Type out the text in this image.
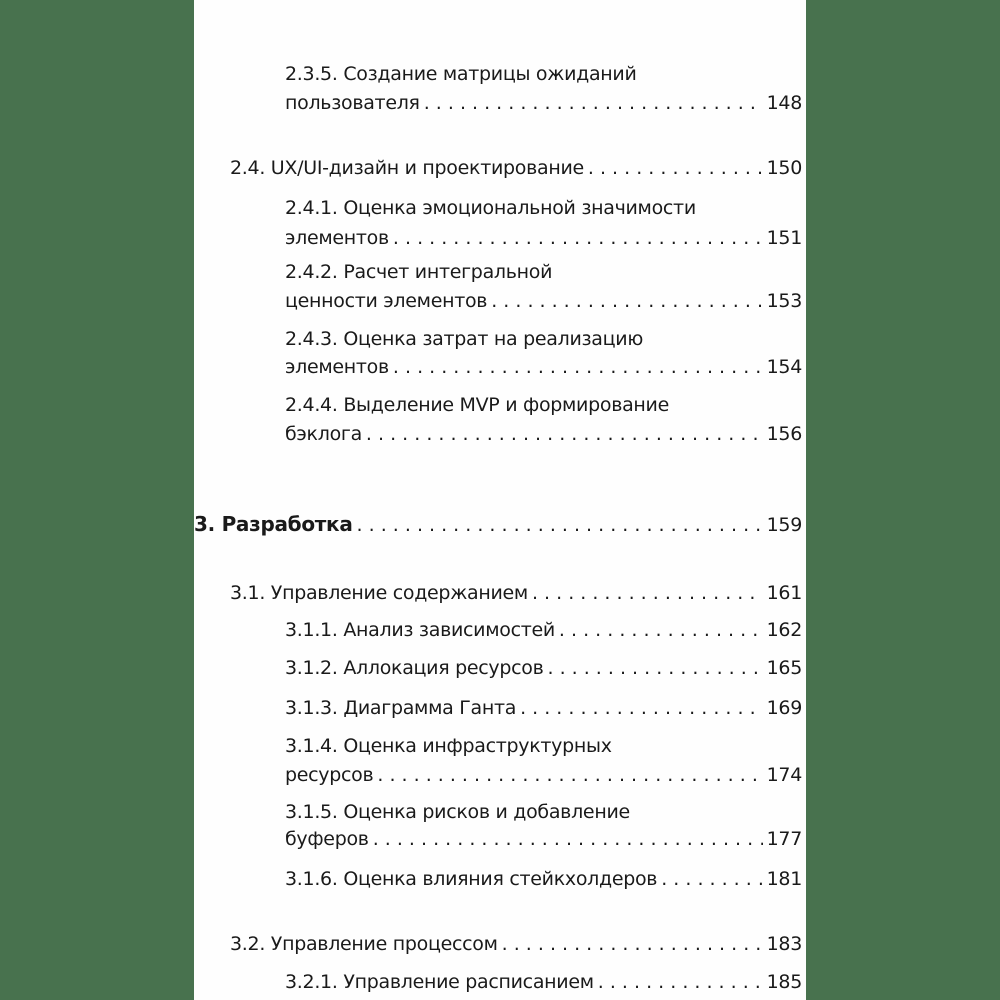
2.3.5. Создание матрицы ожиданий
пользователя . . .	148
2.4. UX/UI-дизайн и проектирование . . .	150
2.4.1. Оценка эмоциональной значимости
элементов . . .	151
2.4.2. Расчет интегральной
ценности элементов . . .	153
2.4.3. Оценка затрат на реализацию
элементов . . .	154
2.4.4. Выделение MVP и формирование
бэклога . . .	156
3. Разработка . . .	159
3.1. Управление содержанием . . .	161
3.1.1. Анализ зависимостей . . .	162
3.1.2. Аллокация ресурсов . . .	165
3.1.3. Диаграмма Ганта . . .	169
3.1.4. Оценка инфраструктурных
ресурсов . . .	174
3.1.5. Оценка рисков и добавление
буферов . . .	177
3.1.6. Оценка влияния стейкхолдеров . . .	181
3.2. Управление процессом . . .	183
3.2.1. Управление расписанием . . .	185
